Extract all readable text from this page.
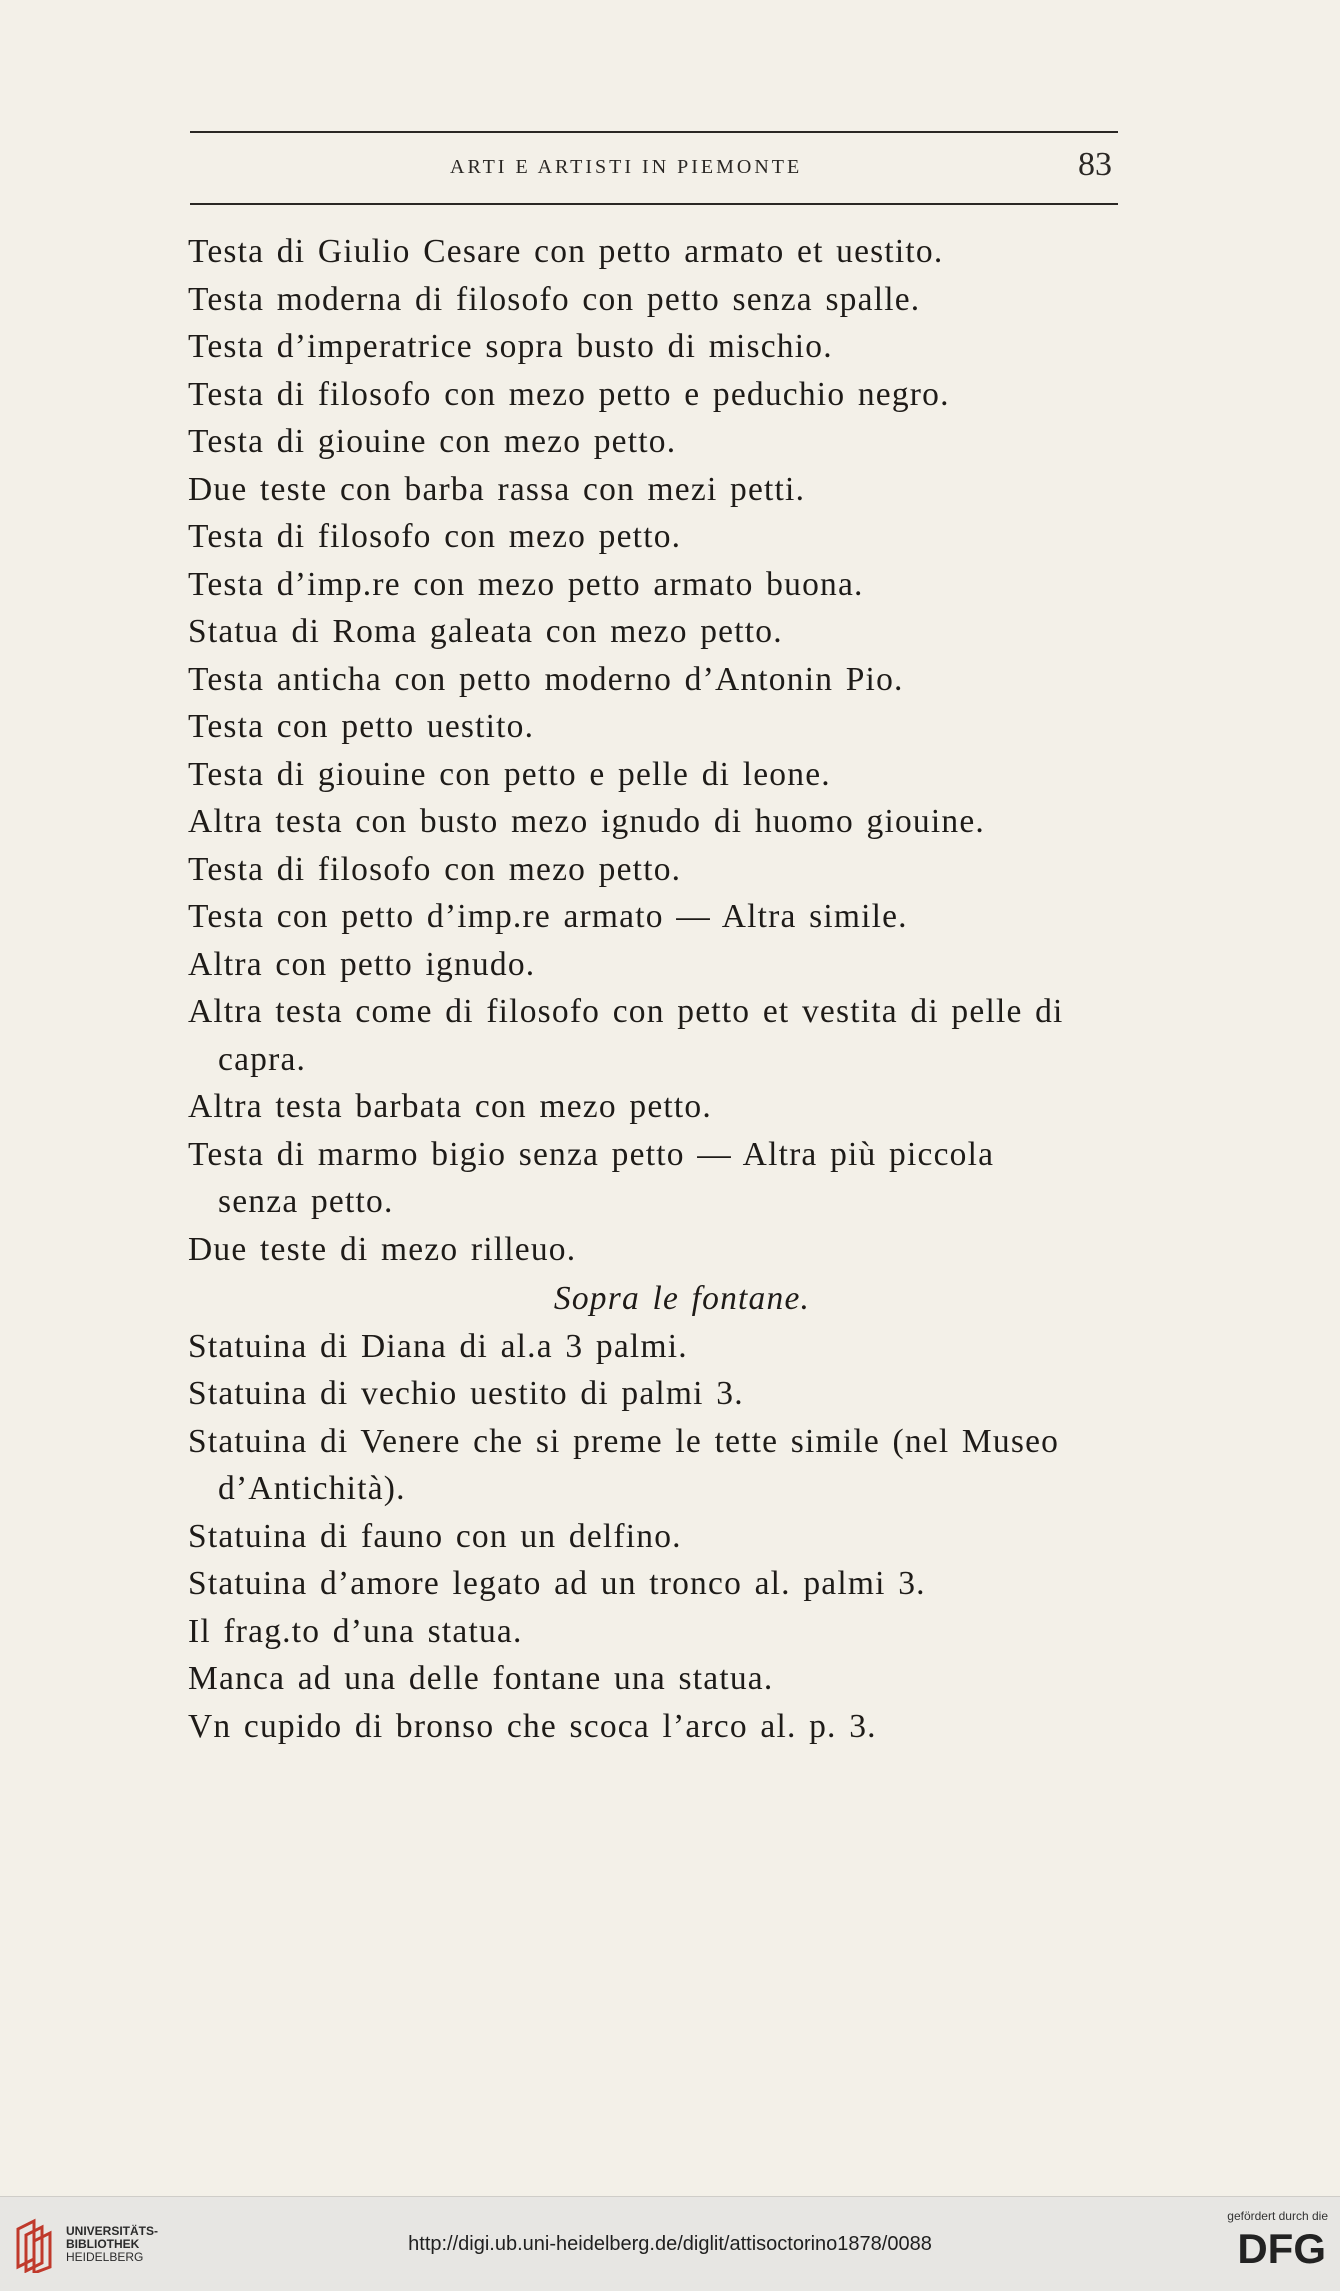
ARTI E ARTISTI IN PIEMONTE	83
Testa di Giulio Cesare con petto armato et uestito.
Testa moderna di filosofo con petto senza spalle.
Testa d’imperatrice sopra busto di mischio.
Testa di filosofo con mezo petto e peduchio negro.
Testa di giouine con mezo petto.
Due teste con barba rassa con mezi petti.
Testa di filosofo con mezo petto.
Testa d’imp.re con mezo petto armato buona.
Statua di Roma galeata con mezo petto.
Testa anticha con petto moderno d’Antonin Pio.
Testa con petto uestito.
Testa di giouine con petto e pelle di leone.
Altra testa con busto mezo ignudo di huomo giouine.
Testa di filosofo con mezo petto.
Testa con petto d’imp.re armato — Altra simile.
Altra con petto ignudo.
Altra testa come di filosofo con petto et vestita di pelle di
capra.
Altra testa barbata con mezo petto.
Testa di marmo bigio senza petto — Altra più piccola
senza petto.
Due teste di mezo rilleuo.
Sopra le fontane.
Statuina di Diana di al.a 3 palmi.
Statuina di vechio uestito di palmi 3.
Statuina di Venere che si preme le tette simile (nel Museo
d’Antichità).
Statuina di fauno con un delfino.
Statuina d’amore legato ad un tronco al. palmi 3.
Il frag.to d’una statua.
Manca ad una delle fontane una statua.
Vn cupido di bronso che scoca l’arco al. p. 3.
UNIVERSITÄTS-
BIBLIOTHEK
HEIDELBERG
http://digi.ub.uni-heidelberg.de/diglit/attisoctorino1878/0088
gefördert durch die
DFG
